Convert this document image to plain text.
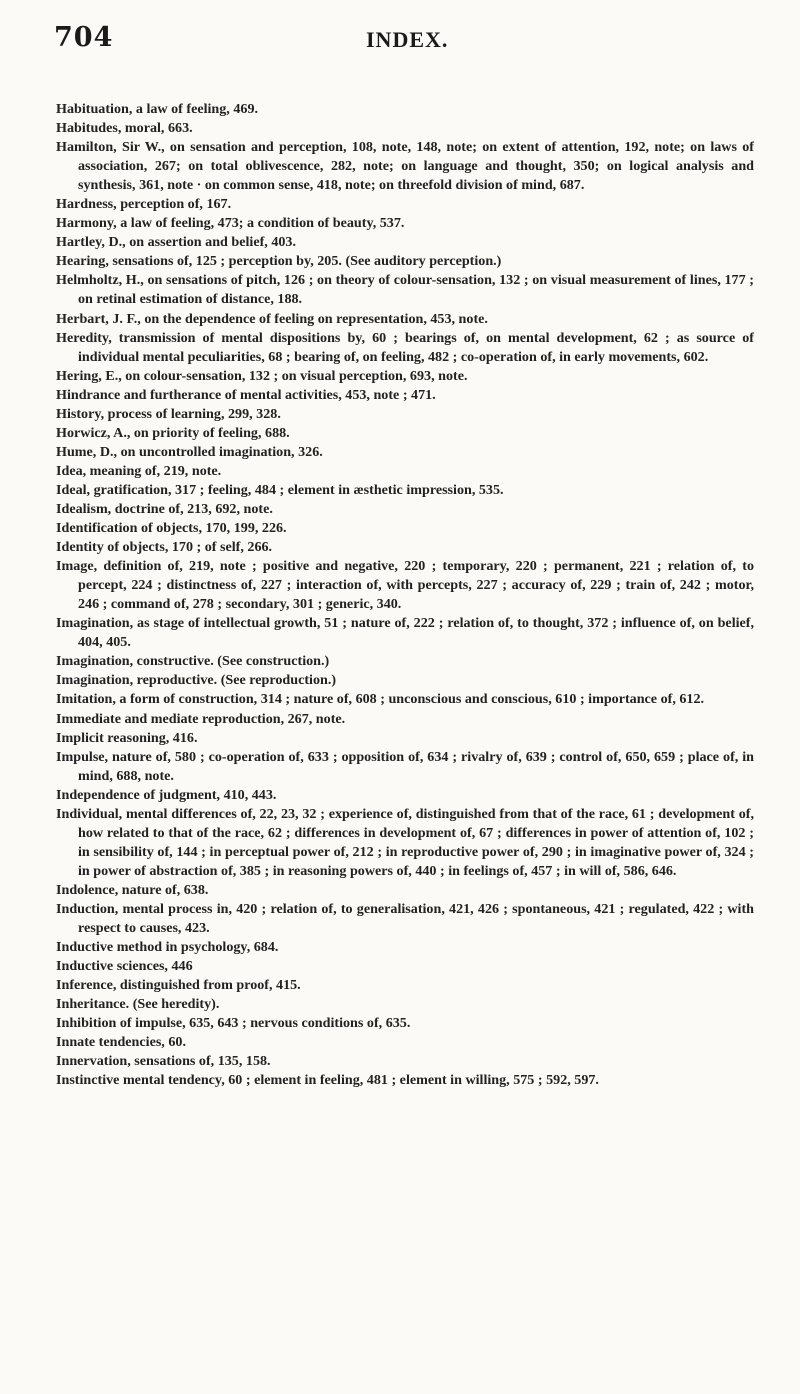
704	INDEX.

Habituation, a law of feeling, 469.

Habitudes, moral, 663.

Hamilton, Sir W., on sensation and perception, 108, note, 148, note; on extent of attention, 192, note; on laws of association, 267; on total oblivescence, 282, note; on language and thought, 350; on logical analysis and synthesis, 361, note · on common sense, 418, note; on threefold division of mind, 687.

Hardness, perception of, 167.

Harmony, a law of feeling, 473; a condition of beauty, 537.

Hartley, D., on assertion and belief, 403.

Hearing, sensations of, 125 ; perception by, 205. (See auditory perception.)

Helmholtz, H., on sensations of pitch, 126 ; on theory of colour-sensation, 132 ; on visual measurement of lines, 177 ; on retinal estimation of distance, 188.

Herbart, J. F., on the dependence of feeling on representation, 453, note.

Heredity, transmission of mental dispositions by, 60 ; bearings of, on mental development, 62 ; as source of individual mental peculiarities, 68 ; bearing of, on feeling, 482 ; co-operation of, in early movements, 602.

Hering, E., on colour-sensation, 132 ; on visual perception, 693, note.

Hindrance and furtherance of mental activities, 453, note ; 471.

History, process of learning, 299, 328.

Horwicz, A., on priority of feeling, 688.

Hume, D., on uncontrolled imagination, 326.

Idea, meaning of, 219, note.

Ideal, gratification, 317 ; feeling, 484 ; element in æsthetic impression, 535.

Idealism, doctrine of, 213, 692, note.

Identification of objects, 170, 199, 226.

Identity of objects, 170 ; of self, 266.

Image, definition of, 219, note ; positive and negative, 220 ; temporary, 220 ; permanent, 221 ; relation of, to percept, 224 ; distinctness of, 227 ; interaction of, with percepts, 227 ; accuracy of, 229 ; train of, 242 ; motor, 246 ; command of, 278 ; secondary, 301 ; generic, 340.

Imagination, as stage of intellectual growth, 51 ; nature of, 222 ; relation of, to thought, 372 ; influence of, on belief, 404, 405.

Imagination, constructive. (See construction.)

Imagination, reproductive. (See reproduction.)

Imitation, a form of construction, 314 ; nature of, 608 ; unconscious and conscious, 610 ; importance of, 612.

Immediate and mediate reproduction, 267, note.

Implicit reasoning, 416.

Impulse, nature of, 580 ; co-operation of, 633 ; opposition of, 634 ; rivalry of, 639 ; control of, 650, 659 ; place of, in mind, 688, note.

Independence of judgment, 410, 443.

Individual, mental differences of, 22, 23, 32 ; experience of, distinguished from that of the race, 61 ; development of, how related to that of the race, 62 ; differences in development of, 67 ; differences in power of attention of, 102 ; in sensibility of, 144 ; in perceptual power of, 212 ; in reproductive power of, 290 ; in imaginative power of, 324 ; in power of abstraction of, 385 ; in reasoning powers of, 440 ; in feelings of, 457 ; in will of, 586, 646.

Indolence, nature of, 638.

Induction, mental process in, 420 ; relation of, to generalisation, 421, 426 ; spontaneous, 421 ; regulated, 422 ; with respect to causes, 423.

Inductive method in psychology, 684.

Inductive sciences, 446

Inference, distinguished from proof, 415.

Inheritance. (See heredity).

Inhibition of impulse, 635, 643 ; nervous conditions of, 635.

Innate tendencies, 60.

Innervation, sensations of, 135, 158.

Instinctive mental tendency, 60 ; element in feeling, 481 ; element in willing, 575 ; 592, 597.
